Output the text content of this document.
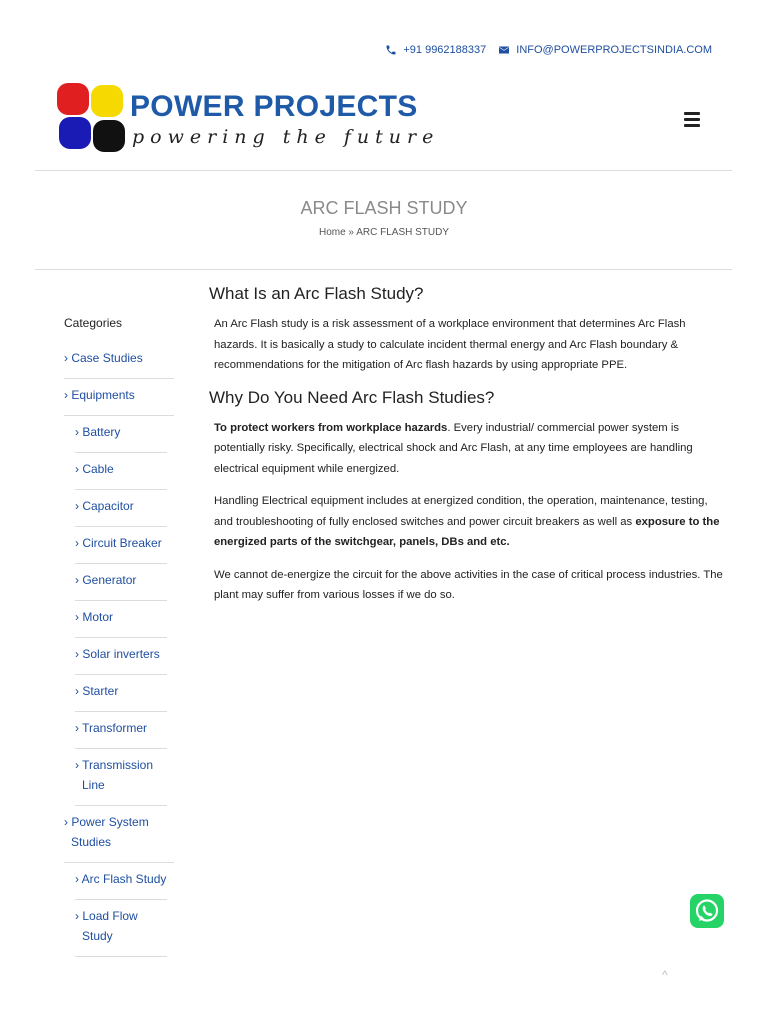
+91 9962188337	INFO@POWERPROJECTSINDIA.COM
POWER PROJECTS
powering the future
ARC FLASH STUDY
Home » ARC FLASH STUDY
Categories
› Case Studies
› Equipments
› Battery
› Cable
› Capacitor
› Circuit Breaker
› Generator
› Motor
› Solar inverters
› Starter
› Transformer
› Transmission Line
› Power System Studies
› Arc Flash Study
› Load Flow Study
What Is an Arc Flash Study?

An Arc Flash study is a risk assessment of a workplace environment that determines Arc Flash hazards. It is basically a study to calculate incident thermal energy and Arc Flash boundary & recommendations for the mitigation of Arc flash hazards by using appropriate PPE.

Why Do You Need Arc Flash Studies?

To protect workers from workplace hazards. Every industrial/ commercial power system is potentially risky. Specifically, electrical shock and Arc Flash, at any time employees are handling electrical equipment while energized.

Handling Electrical equipment includes at energized condition, the operation, maintenance, testing, and troubleshooting of fully enclosed switches and power circuit breakers as well as exposure to the energized parts of the switchgear, panels, DBs and etc.

We cannot de-energize the circuit for the above activities in the case of critical process industries. The plant may suffer from various losses if we do so.

^
